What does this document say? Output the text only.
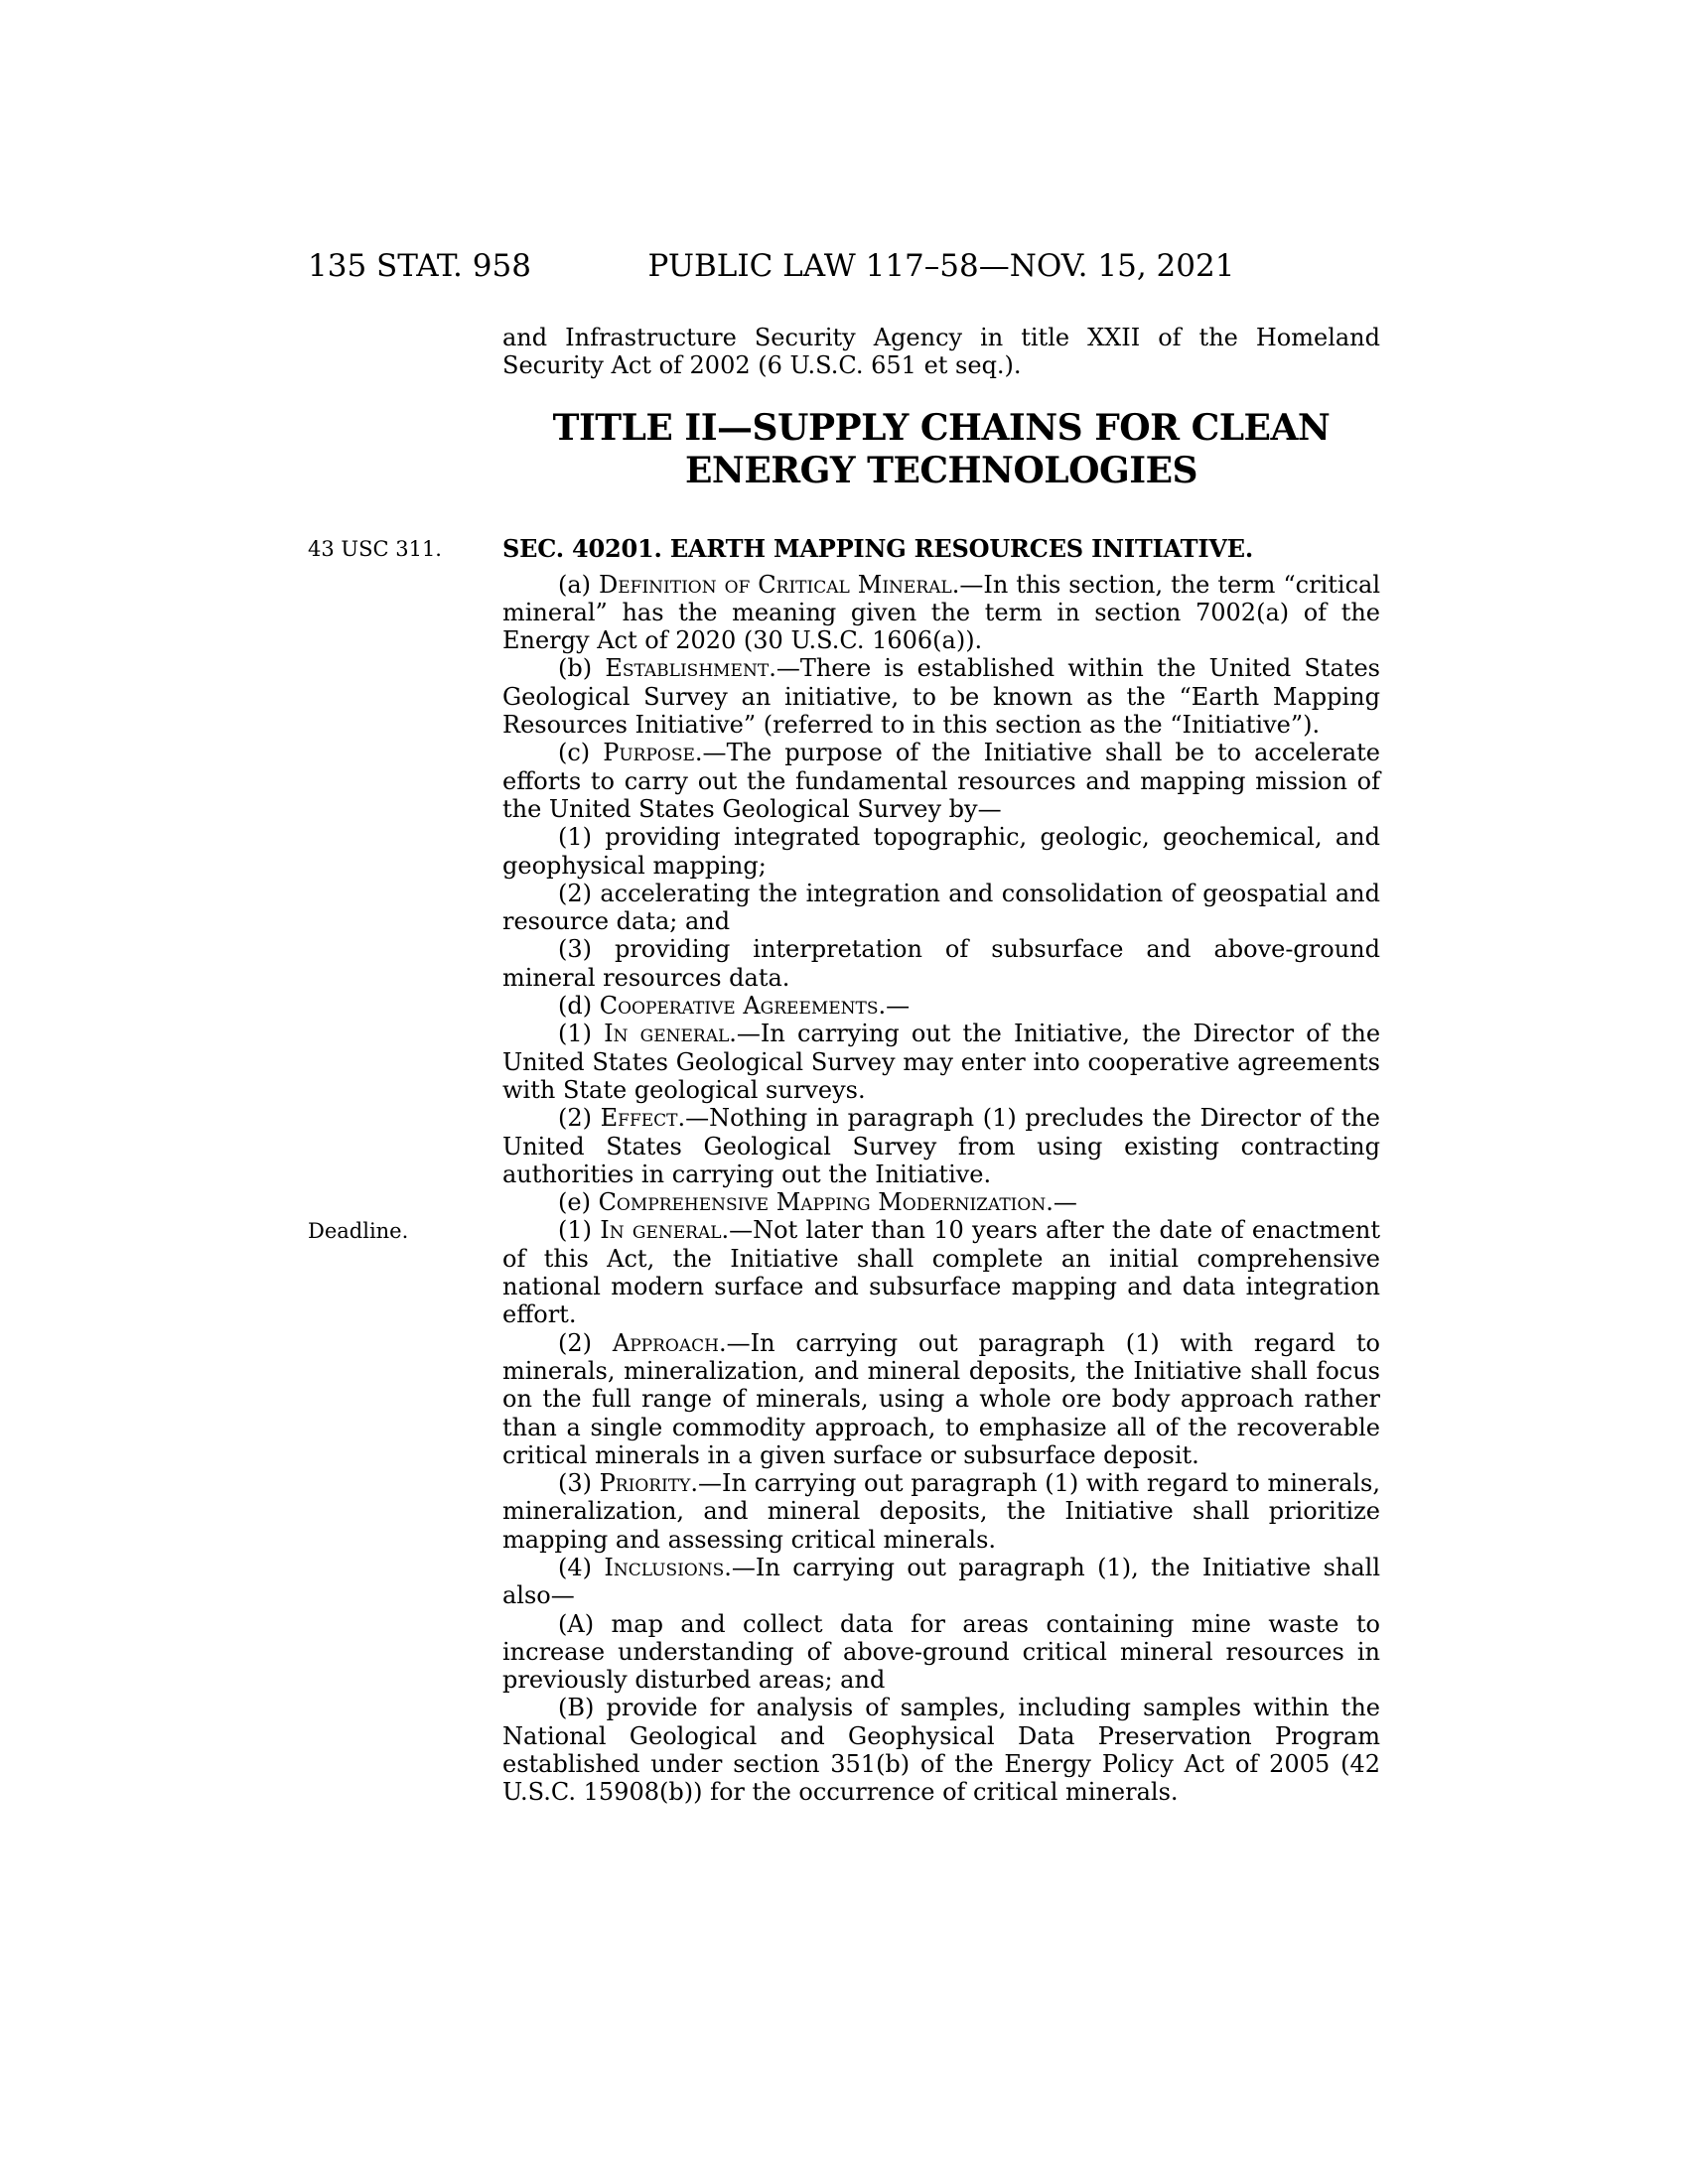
135 STAT. 958	PUBLIC LAW 117–58—NOV. 15, 2021

and Infrastructure Security Agency in title XXII of the Homeland Security Act of 2002 (6 U.S.C. 651 et seq.).

TITLE II—SUPPLY CHAINS FOR CLEAN
ENERGY TECHNOLOGIES
SEC. 40201. EARTH MAPPING RESOURCES INITIATIVE.

(a) Definition of Critical Mineral.—In this section, the term “critical mineral” has the meaning given the term in section 7002(a) of the Energy Act of 2020 (30 U.S.C. 1606(a)).

(b) Establishment.—There is established within the United States Geological Survey an initiative, to be known as the “Earth Mapping Resources Initiative” (referred to in this section as the “Initiative”).

(c) Purpose.—The purpose of the Initiative shall be to accelerate efforts to carry out the fundamental resources and mapping mission of the United States Geological Survey by—

(1) providing integrated topographic, geologic, geochemical, and geophysical mapping;

(2) accelerating the integration and consolidation of geospatial and resource data; and

(3) providing interpretation of subsurface and above-ground mineral resources data.

(d) Cooperative Agreements.—

(1) In general.—In carrying out the Initiative, the Director of the United States Geological Survey may enter into cooperative agreements with State geological surveys.

(2) Effect.—Nothing in paragraph (1) precludes the Director of the United States Geological Survey from using existing contracting authorities in carrying out the Initiative.

(e) Comprehensive Mapping Modernization.—

(1) In general.—Not later than 10 years after the date of enactment of this Act, the Initiative shall complete an initial comprehensive national modern surface and subsurface mapping and data integration effort.

(2) Approach.—In carrying out paragraph (1) with regard to minerals, mineralization, and mineral deposits, the Initiative shall focus on the full range of minerals, using a whole ore body approach rather than a single commodity approach, to emphasize all of the recoverable critical minerals in a given surface or subsurface deposit.

(3) Priority.—In carrying out paragraph (1) with regard to minerals, mineralization, and mineral deposits, the Initiative shall prioritize mapping and assessing critical minerals.

(4) Inclusions.—In carrying out paragraph (1), the Initiative shall also—

(A) map and collect data for areas containing mine waste to increase understanding of above-ground critical mineral resources in previously disturbed areas; and

(B) provide for analysis of samples, including samples within the National Geological and Geophysical Data Preservation Program established under section 351(b) of the Energy Policy Act of 2005 (42 U.S.C. 15908(b)) for the occurrence of critical minerals.

43 USC 311.
Deadline.
